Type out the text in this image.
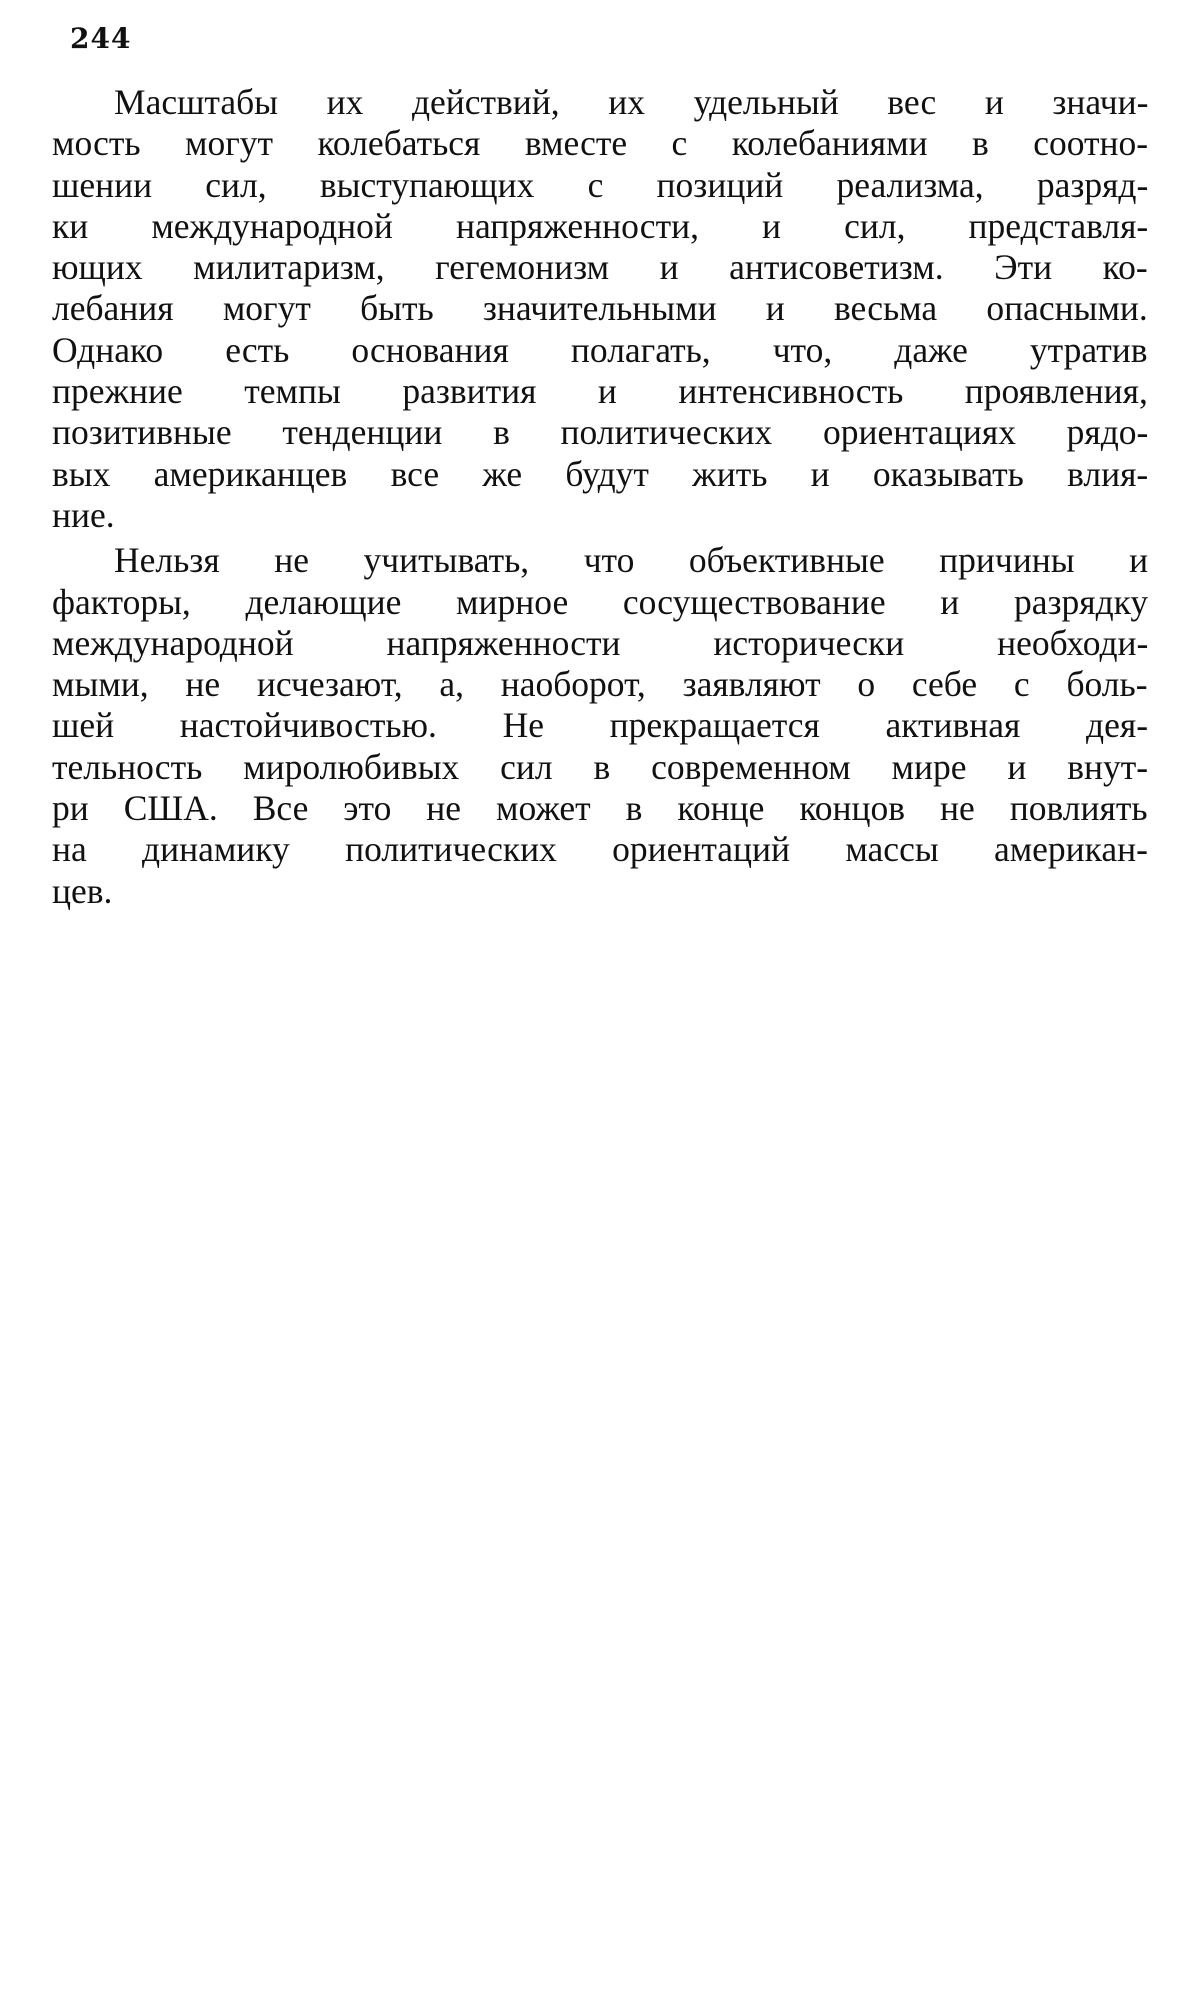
244
Масштабы их действий, их удельный вес и значи-
мость могут колебаться вместе с колебаниями в соотно-
шении сил, выступающих с позиций реализма, разряд-
ки международной напряженности, и сил, представля-
ющих милитаризм, гегемонизм и антисоветизм. Эти ко-
лебания могут быть значительными и весьма опасными.
Однако есть основания полагать, что, даже утратив
прежние темпы развития и интенсивность проявления,
позитивные тенденции в политических ориентациях рядо-
вых американцев все же будут жить и оказывать влия-
ние.
Нельзя не учитывать, что объективные причины и
факторы, делающие мирное сосуществование и разрядку
международной напряженности исторически необходи-
мыми, не исчезают, а, наоборот, заявляют о себе с боль-
шей настойчивостью. Не прекращается активная дея-
тельность миролюбивых сил в современном мире и внут-
ри США. Все это не может в конце концов не повлиять
на динамику политических ориентаций массы американ-
цев.
